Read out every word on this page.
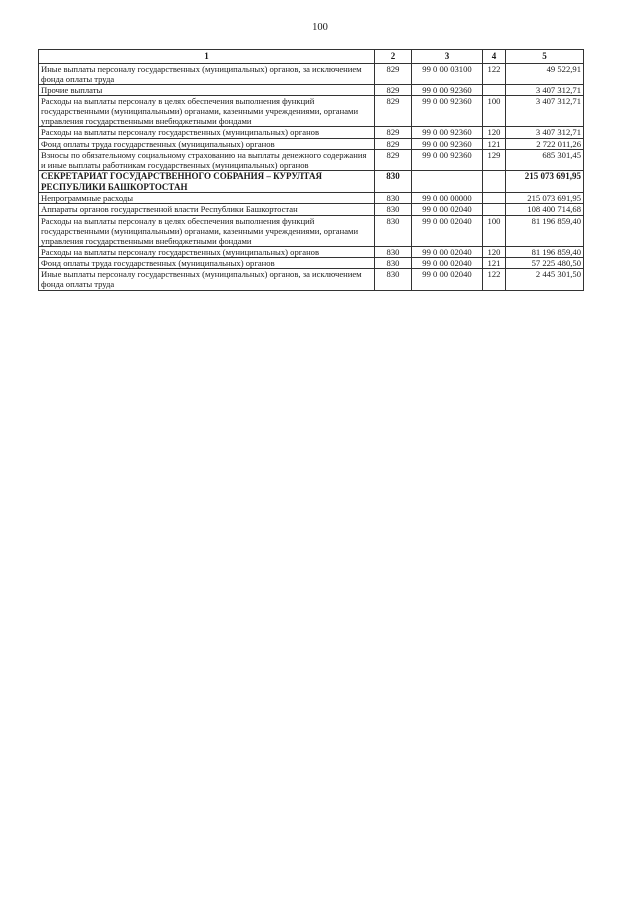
100
1	2	3	4	5
Иные выплаты персоналу государственных (муниципальных) органов, за исключением фонда оплаты труда	829	99 0 00 03100	122	49 522,91
Прочие выплаты	829	99 0 00 92360		3 407 312,71
Расходы на выплаты персоналу в целях обеспечения выполнения функций государственными (муниципальными) органами, казенными учреждениями, органами управления государственными внебюджетными фондами	829	99 0 00 92360	100	3 407 312,71
Расходы на выплаты персоналу государственных (муниципальных) органов	829	99 0 00 92360	120	3 407 312,71
Фонд оплаты труда государственных (муниципальных) органов	829	99 0 00 92360	121	2 722 011,26
Взносы по обязательному социальному страхованию на выплаты денежного содержания и иные выплаты работникам государственных (муниципальных) органов	829	99 0 00 92360	129	685 301,45
СЕКРЕТАРИАТ ГОСУДАРСТВЕННОГО СОБРАНИЯ – КУРУЛТАЯ РЕСПУБЛИКИ БАШКОРТОСТАН	830			215 073 691,95
Непрограммные расходы	830	99 0 00 00000		215 073 691,95
Аппараты органов государственной власти Республики Башкортостан	830	99 0 00 02040		108 400 714,68
Расходы на выплаты персоналу в целях обеспечения выполнения функций государственными (муниципальными) органами, казенными учреждениями, органами управления государственными внебюджетными фондами	830	99 0 00 02040	100	81 196 859,40
Расходы на выплаты персоналу государственных (муниципальных) органов	830	99 0 00 02040	120	81 196 859,40
Фонд оплаты труда государственных (муниципальных) органов	830	99 0 00 02040	121	57 225 480,50
Иные выплаты персоналу государственных (муниципальных) органов, за исключением фонда оплаты труда	830	99 0 00 02040	122	2 445 301,50
